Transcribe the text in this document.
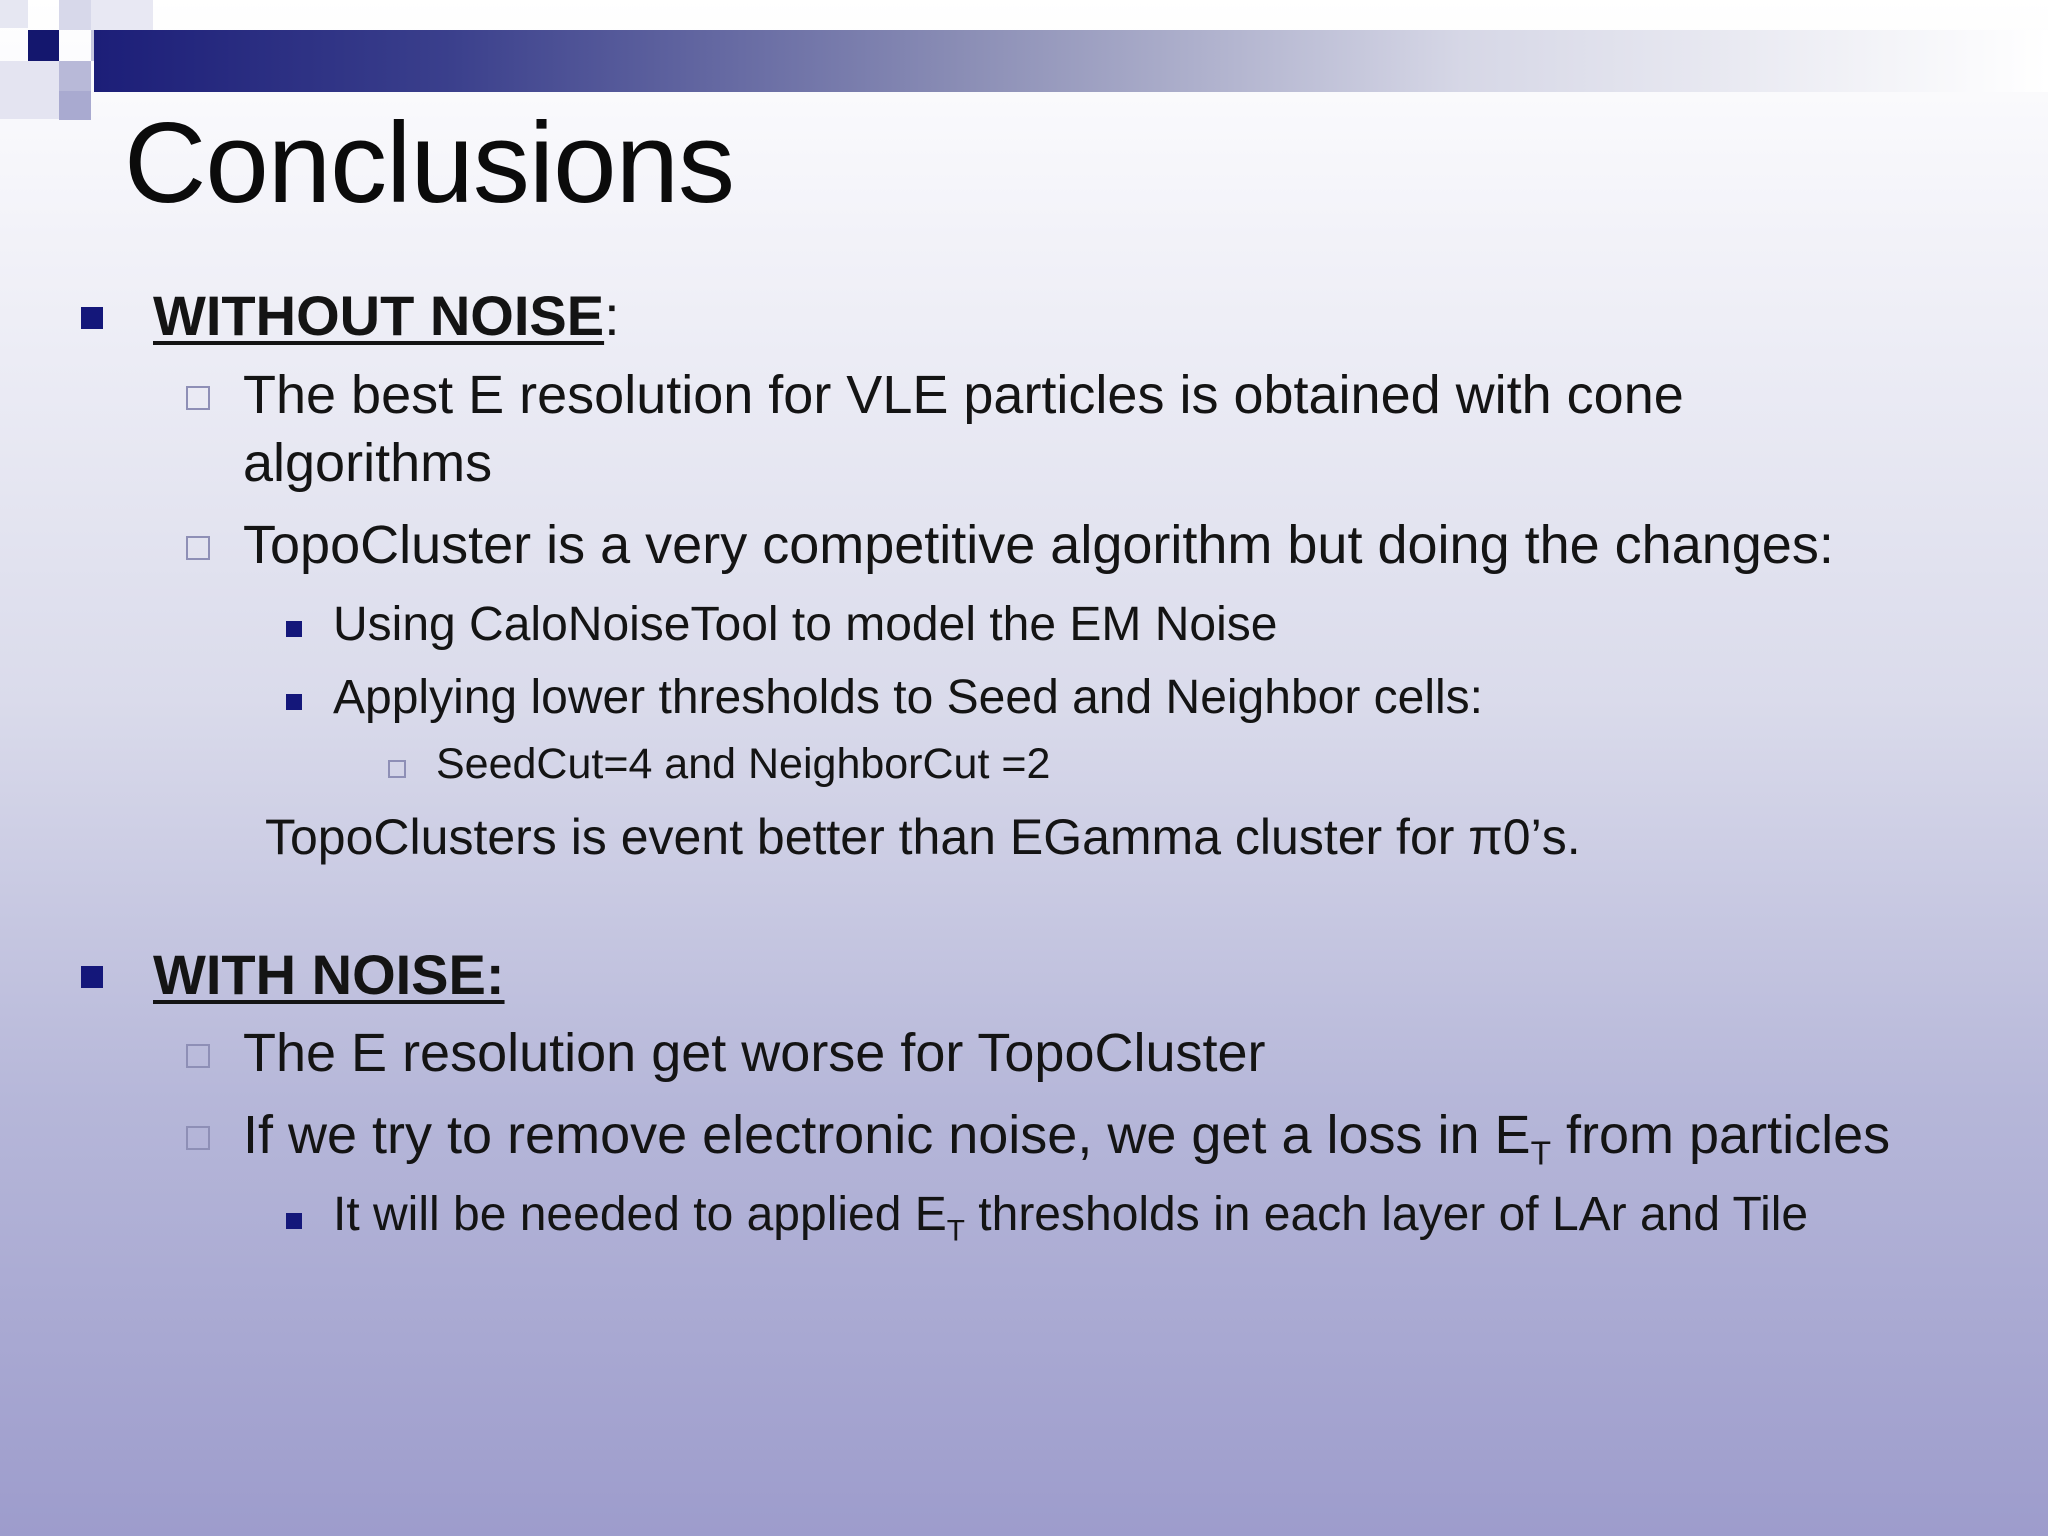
Conclusions
WITHOUT NOISE:
The best E resolution for VLE particles is obtained with cone
algorithms
TopoCluster is a very competitive algorithm but doing the changes:
Using CaloNoiseTool to model the EM Noise
Applying lower thresholds to Seed and Neighbor cells:
SeedCut=4 and NeighborCut =2
TopoClusters is event better than EGamma cluster for π0’s.
WITH NOISE:
The E resolution get worse for TopoCluster
If we try to remove electronic noise, we get a loss in $E_T$ from particles
It will be needed to applied $E_T$ thresholds in each layer of LAr and Tile
